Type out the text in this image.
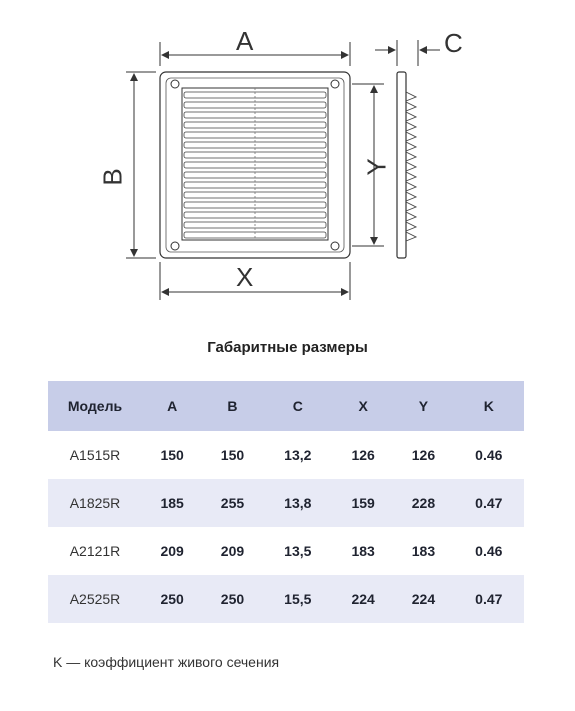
A
X
B
Y
C
Габаритные размеры
Модель	A	B	C	X	Y	K
A1515R	150	150	13,2	126	126	0.46
A1825R	185	255	13,8	159	228	0.47
A2121R	209	209	13,5	183	183	0.46
A2525R	250	250	15,5	224	224	0.47
K — коэффициент живого сечения
